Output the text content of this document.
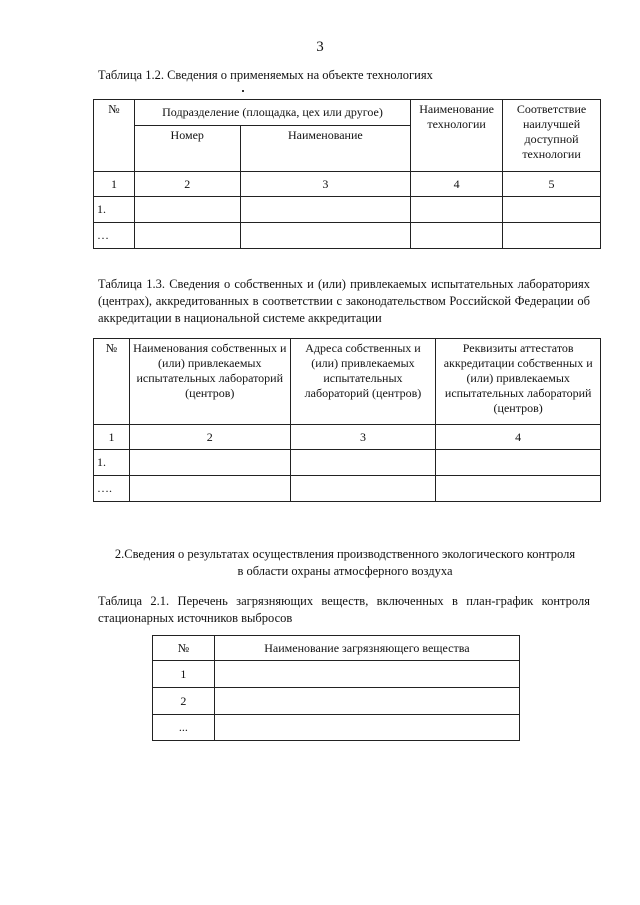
3
Таблица 1.2. Сведения о применяемых на объекте технологиях
№	Подразделение (площадка, цех или другое)		Наименование технологии	Соответствие наилучшей доступной технологии
	Номер	Наименование		
1	2	3	4	5
1.				
…				
Таблица 1.3. Сведения о собственных и (или) привлекаемых испытательных лабораториях (центрах), аккредитованных в соответствии с законодательством Российской Федерации об аккредитации в национальной системе аккредитации
№	Наименования собственных и (или) привлекаемых испытательных лабораторий (центров)	Адреса собственных и (или) привлекаемых испытательных лабораторий (центров)	Реквизиты аттестатов аккредитации собственных и (или) привлекаемых испытательных лабораторий (центров)
1	2	3	4
1.			
….			
2.Сведения о результатах осуществления производственного экологического контроля
в области охраны атмосферного воздуха
Таблица 2.1. Перечень загрязняющих веществ, включенных в план-график контроля стационарных источников выбросов
№	Наименование загрязняющего вещества
1	
2	
...	
